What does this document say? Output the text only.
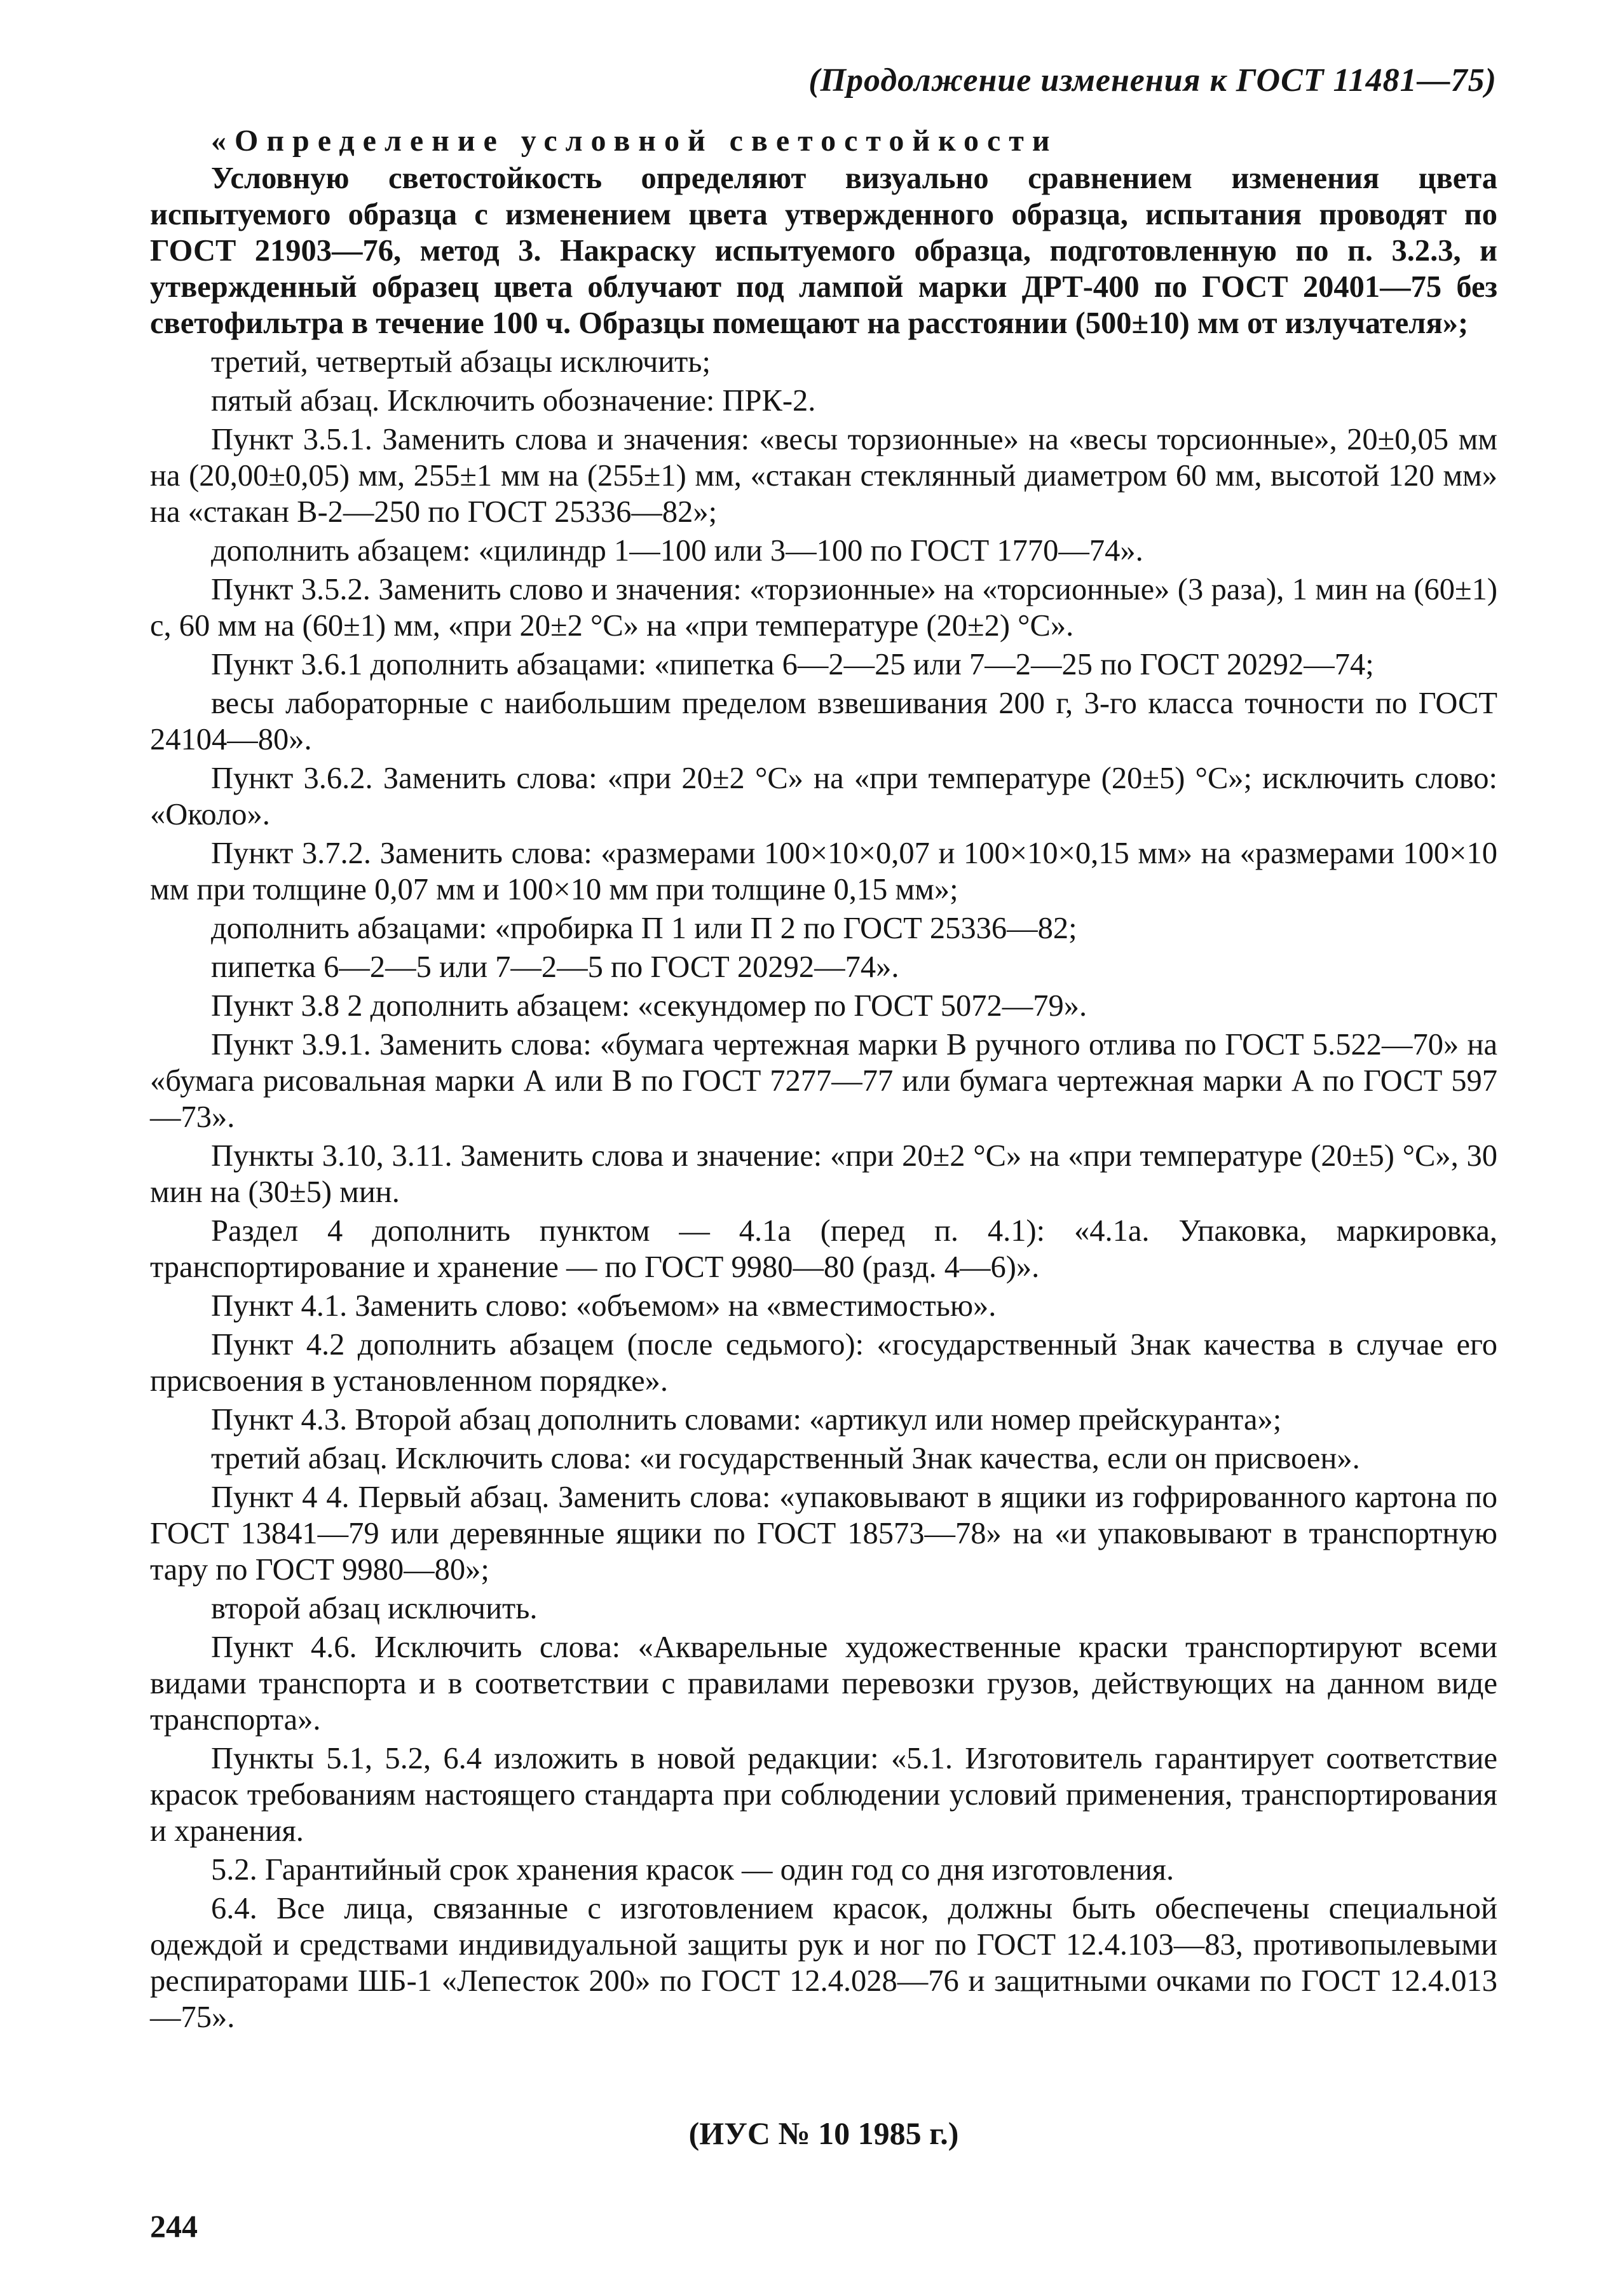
(Продолжение изменения к ГОСТ 11481—75)

«Определение условной светостойкости

Условную светостойкость определяют визуально сравнением изменения цвета испытуемого образца с изменением цвета утвержденного образца, испытания проводят по ГОСТ 21903—76, метод 3. Накраску испытуемого образца, подготовленную по п. 3.2.3, и утвержденный образец цвета облучают под лампой марки ДРТ-400 по ГОСТ 20401—75 без светофильтра в течение 100 ч. Образцы помещают на расстоянии (500±10) мм от излучателя»;

третий, четвертый абзацы исключить;

пятый абзац. Исключить обозначение: ПРК-2.

Пункт 3.5.1. Заменить слова и значения: «весы торзионные» на «весы торсионные», 20±0,05 мм на (20,00±0,05) мм, 255±1 мм на (255±1) мм, «стакан стеклянный диаметром 60 мм, высотой 120 мм» на «стакан В-2—250 по ГОСТ 25336—82»;

дополнить абзацем: «цилиндр 1—100 или 3—100 по ГОСТ 1770—74».

Пункт 3.5.2. Заменить слово и значения: «торзионные» на «торсионные» (3 раза), 1 мин на (60±1) с, 60 мм на (60±1) мм, «при 20±2 °С» на «при температуре (20±2) °С».

Пункт 3.6.1 дополнить абзацами: «пипетка 6—2—25 или 7—2—25 по ГОСТ 20292—74;

весы лабораторные с наибольшим пределом взвешивания 200 г, 3-го класса точности по ГОСТ 24104—80».

Пункт 3.6.2. Заменить слова: «при 20±2 °С» на «при температуре (20±5) °С»; исключить слово: «Около».

Пункт 3.7.2. Заменить слова: «размерами 100×10×0,07 и 100×10×0,15 мм» на «размерами 100×10 мм при толщине 0,07 мм и 100×10 мм при толщине 0,15 мм»;

дополнить абзацами: «пробирка П 1 или П 2 по ГОСТ 25336—82;

пипетка 6—2—5 или 7—2—5 по ГОСТ 20292—74».

Пункт 3.8 2 дополнить абзацем: «секундомер по ГОСТ 5072—79».

Пункт 3.9.1. Заменить слова: «бумага чертежная марки В ручного отлива по ГОСТ 5.522—70» на «бумага рисовальная марки А или В по ГОСТ 7277—77 или бумага чертежная марки А по ГОСТ 597—73».

Пункты 3.10, 3.11. Заменить слова и значение: «при 20±2 °С» на «при температуре (20±5) °С», 30 мин на (30±5) мин.

Раздел 4 дополнить пунктом — 4.1а (перед п. 4.1): «4.1а. Упаковка, маркировка, транспортирование и хранение — по ГОСТ 9980—80 (разд. 4—6)».

Пункт 4.1. Заменить слово: «объемом» на «вместимостью».

Пункт 4.2 дополнить абзацем (после седьмого): «государственный Знак качества в случае его присвоения в установленном порядке».

Пункт 4.3. Второй абзац дополнить словами: «артикул или номер прейскуранта»;

третий абзац. Исключить слова: «и государственный Знак качества, если он присвоен».

Пункт 4 4. Первый абзац. Заменить слова: «упаковывают в ящики из гофрированного картона по ГОСТ 13841—79 или деревянные ящики по ГОСТ 18573—78» на «и упаковывают в транспортную тару по ГОСТ 9980—80»;

второй абзац исключить.

Пункт 4.6. Исключить слова: «Акварельные художественные краски транспортируют всеми видами транспорта и в соответствии с правилами перевозки грузов, действующих на данном виде транспорта».

Пункты 5.1, 5.2, 6.4 изложить в новой редакции: «5.1. Изготовитель гарантирует соответствие красок требованиям настоящего стандарта при соблюдении условий применения, транспортирования и хранения.

5.2. Гарантийный срок хранения красок — один год со дня изготовления.

6.4. Все лица, связанные с изготовлением красок, должны быть обеспечены специальной одеждой и средствами индивидуальной защиты рук и ног по ГОСТ 12.4.103—83, противопылевыми респираторами ШБ-1 «Лепесток 200» по ГОСТ 12.4.028—76 и защитными очками по ГОСТ 12.4.013—75».

(ИУС № 10 1985 г.)
244
